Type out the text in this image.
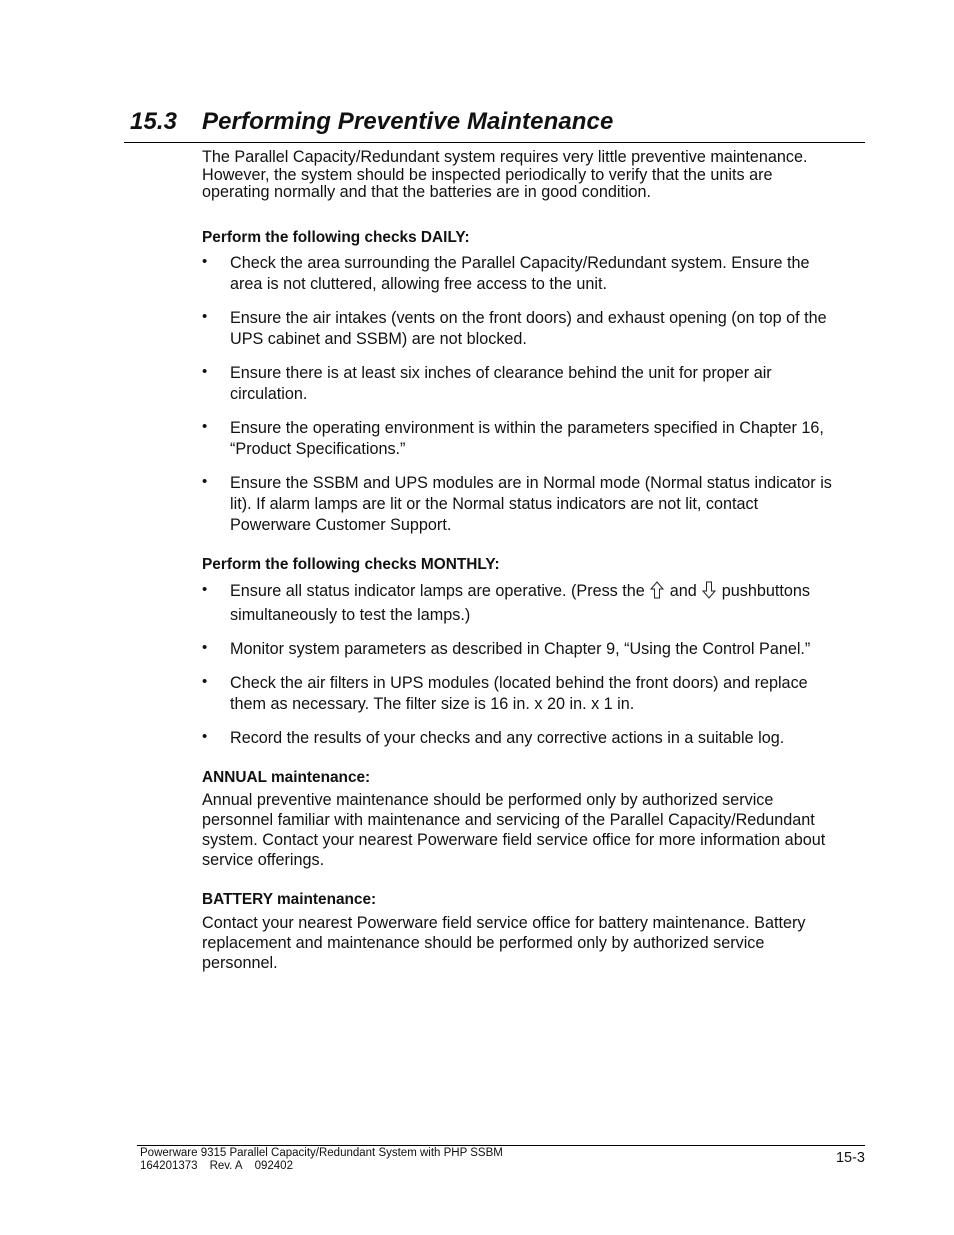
15.3 Performing Preventive Maintenance

The Parallel Capacity/Redundant system requires very little preventive maintenance. However, the system should be inspected periodically to verify that the units are operating normally and that the batteries are in good condition.

Perform the following checks DAILY:
• Check the area surrounding the Parallel Capacity/Redundant system. Ensure the area is not cluttered, allowing free access to the unit.
• Ensure the air intakes (vents on the front doors) and exhaust opening (on top of the UPS cabinet and SSBM) are not blocked.
• Ensure there is at least six inches of clearance behind the unit for proper air circulation.
• Ensure the operating environment is within the parameters specified in Chapter 16, “Product Specifications.”
• Ensure the SSBM and UPS modules are in Normal mode (Normal status indicator is lit). If alarm lamps are lit or the Normal status indicators are not lit, contact Powerware Customer Support.
Perform the following checks MONTHLY:
• Ensure all status indicator lamps are operative. (Press the and pushbuttons simultaneously to test the lamps.)
• Monitor system parameters as described in Chapter 9, “Using the Control Panel.”
• Check the air filters in UPS modules (located behind the front doors) and replace them as necessary. The filter size is 16 in. x 20 in. x 1 in.
• Record the results of your checks and any corrective actions in a suitable log.
ANNUAL maintenance:

Annual preventive maintenance should be performed only by authorized service personnel familiar with maintenance and servicing of the Parallel Capacity/Redundant system. Contact your nearest Powerware field service office for more information about service offerings.

BATTERY maintenance:

Contact your nearest Powerware field service office for battery maintenance. Battery replacement and maintenance should be performed only by authorized service personnel.

Powerware 9315 Parallel Capacity/Redundant System with PHP SSBM
164201373 Rev. A 092402	15-3
